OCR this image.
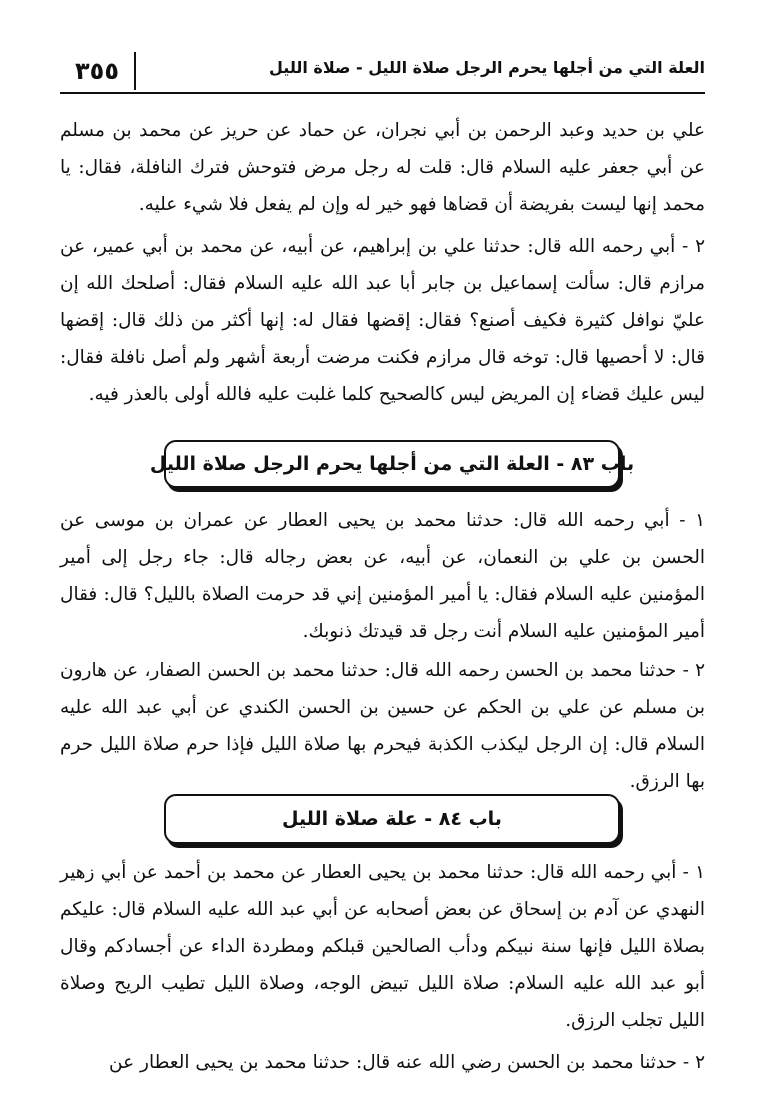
٣٥٥	العلة التي من أجلها يحرم الرجل صلاة الليل - صلاة الليل
علي بن حديد وعبد الرحمن بن أبي نجران، عن حماد عن حريز عن محمد بن مسلم عن أبي جعفر عليه السلام قال: قلت له رجل مرض فتوحش فترك النافلة، فقال: يا محمد إنها ليست بفريضة أن قضاها فهو خير له وإن لم يفعل فلا شيء عليه.
٢ - أبي رحمه الله قال: حدثنا علي بن إبراهيم، عن أبيه، عن محمد بن أبي عمير، عن مرازم قال: سألت إسماعيل بن جابر أبا عبد الله عليه السلام فقال: أصلحك الله إن عليّ نوافل كثيرة فكيف أصنع؟ فقال: إقضها فقال له: إنها أكثر من ذلك قال: إقضها قال: لا أحصيها قال: توخه قال مرازم فكنت مرضت أربعة أشهر ولم أصل نافلة فقال: ليس عليك قضاء إن المريض ليس كالصحيح كلما غلبت عليه فالله أولى بالعذر فيه.
باب ٨٣ - العلة التي من أجلها يحرم الرجل صلاة الليل
١ - أبي رحمه الله قال: حدثنا محمد بن يحيى العطار عن عمران بن موسى عن الحسن بن علي بن النعمان، عن أبيه، عن بعض رجاله قال: جاء رجل إلى أمير المؤمنين عليه السلام فقال: يا أمير المؤمنين إني قد حرمت الصلاة بالليل؟ قال: فقال أمير المؤمنين عليه السلام أنت رجل قد قيدتك ذنوبك.
٢ - حدثنا محمد بن الحسن رحمه الله قال: حدثنا محمد بن الحسن الصفار، عن هارون بن مسلم عن علي بن الحكم عن حسين بن الحسن الكندي عن أبي عبد الله عليه السلام قال: إن الرجل ليكذب الكذبة فيحرم بها صلاة الليل فإذا حرم صلاة الليل حرم بها الرزق.
باب ٨٤ - علة صلاة الليل
١ - أبي رحمه الله قال: حدثنا محمد بن يحيى العطار عن محمد بن أحمد عن أبي زهير النهدي عن آدم بن إسحاق عن بعض أصحابه عن أبي عبد الله عليه السلام قال: عليكم بصلاة الليل فإنها سنة نبيكم ودأب الصالحين قبلكم ومطردة الداء عن أجسادكم وقال أبو عبد الله عليه السلام: صلاة الليل تبيض الوجه، وصلاة الليل تطيب الريح وصلاة الليل تجلب الرزق.
٢ - حدثنا محمد بن الحسن رضي الله عنه قال: حدثنا محمد بن يحيى العطار عن
